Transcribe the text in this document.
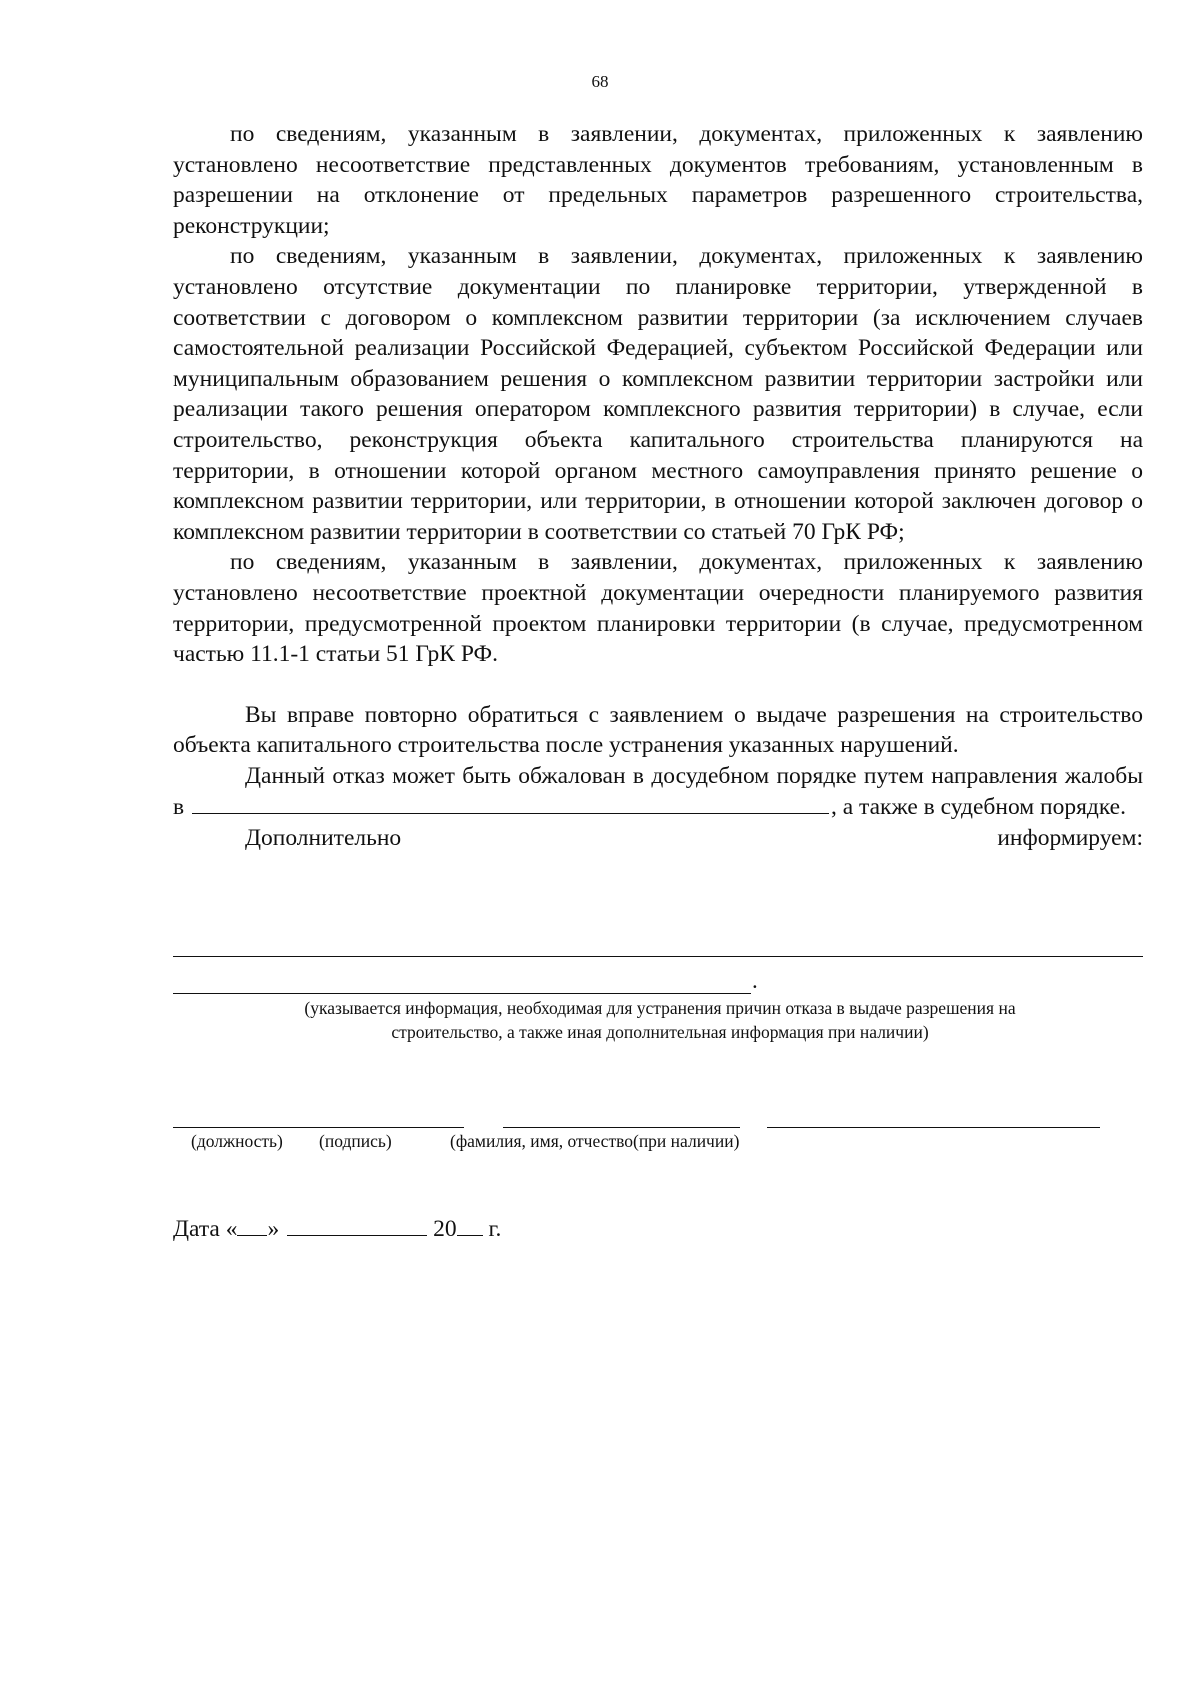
68

по сведениям, указанным в заявлении, документах, приложенных к заявлению установлено несоответствие представленных документов требованиям, установленным в разрешении на отклонение от предельных параметров разрешенного строительства, реконструкции;

по сведениям, указанным в заявлении, документах, приложенных к заявлению установлено отсутствие документации по планировке территории, утвержденной в соответствии с договором о комплексном развитии территории (за исключением случаев самостоятельной реализации Российской Федерацией, субъектом Российской Федерации или муниципальным образованием решения о комплексном развитии территории застройки или реализации такого решения оператором комплексного развития территории) в случае, если строительство, реконструкция объекта капитального строительства планируются на территории, в отношении которой органом местного самоуправления принято решение о комплексном развитии территории, или территории, в отношении которой заключен договор о комплексном развитии территории в соответствии со статьей 70 ГрК РФ;

по сведениям, указанным в заявлении, документах, приложенных к заявлению установлено несоответствие проектной документации очередности планируемого развития территории, предусмотренной проектом планировки территории (в случае, предусмотренном частью 11.1-1 статьи 51 ГрК РФ.

Вы вправе повторно обратиться с заявлением о выдаче разрешения на строительство объекта капитального строительства после устранения указанных нарушений.

Данный отказ может быть обжалован в досудебном порядке путем направления жалобы в	, а также в судебном порядке.

Дополнительно	информируем:
.
(указывается информация, необходимая для устранения причин отказа в выдаче разрешения на строительство, а также иная дополнительная информация при наличии)
(должность) (подпись)	(фамилия, имя, отчество(при наличии)
Дата « »	20 г.
